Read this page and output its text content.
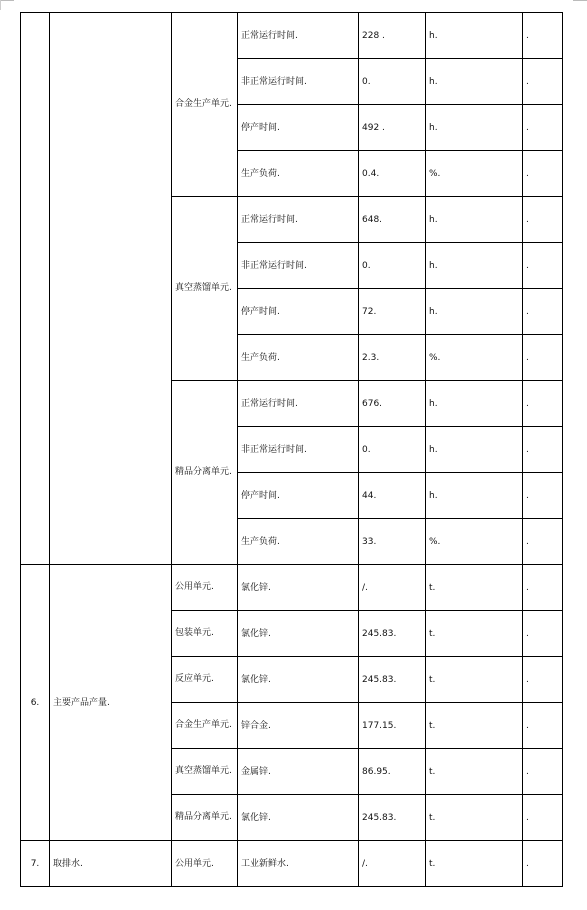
		合金生产单元.	正常运行时间.	228 .	h.	.
			非正常运行时间.	0.	h.	.
			停产时间.	492 .	h.	.
			生产负荷.	0.4.	%.	.
		真空蒸馏单元.	正常运行时间.	648.	h.	.
			非正常运行时间.	0.	h.	.
			停产时间.	72.	h.	.
			生产负荷.	2.3.	%.	.
		精品分离单元.	正常运行时间.	676.	h.	.
			非正常运行时间.	0.	h.	.
			停产时间.	44.	h.	.
			生产负荷.	33.	%.	.
6.	主要产品产量.	公用单元.	氯化锌.	/.	t.	.
		包装单元.	氯化锌.	245.83.	t.	.
		反应单元.	氯化锌.	245.83.	t.	.
		合金生产单元.	锌合金.	177.15.	t.	.
		真空蒸馏单元.	金属锌.	86.95.	t.	.
		精品分离单元.	氯化锌.	245.83.	t.	.
7.	取排水.	公用单元.	工业新鲜水.	/.	t.	.
